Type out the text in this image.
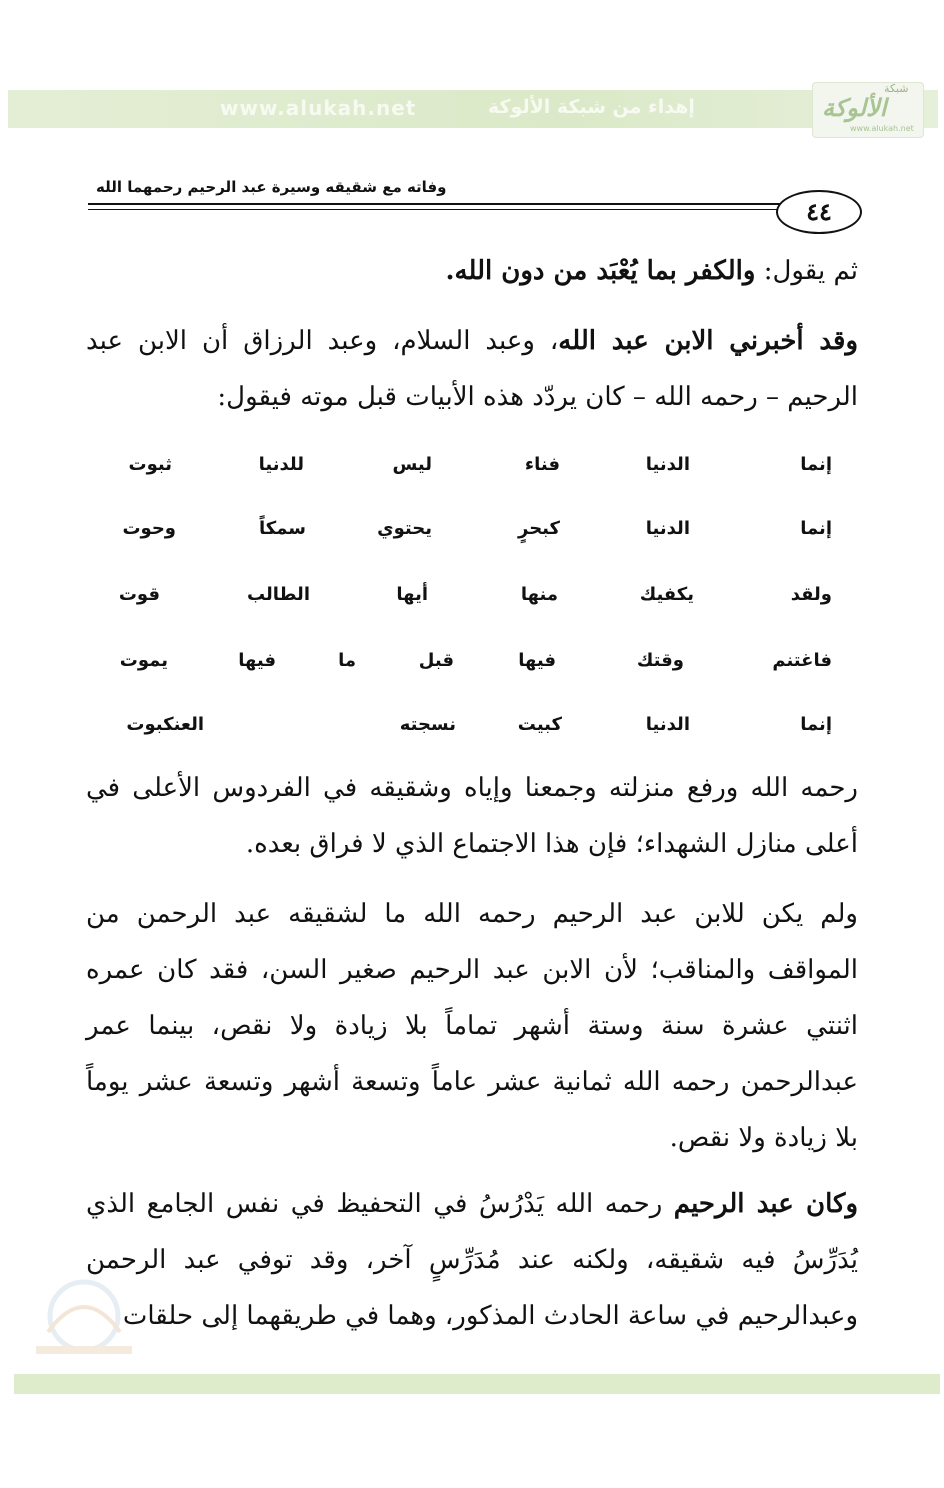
www.alukah.net	إهداء من شبكة الألوكة
شبكة
الألوكة
www.alukah.net
وفاته مع شقيقه وسيرة عبد الرحيم رحمهما الله
٤٤

ثم يقول: والكفر بما يُعْبَد من دون الله.

وقد أخبرني الابن عبد الله، وعبد السلام، وعبد الرزاق أن الابن عبد الرحيم – رحمه الله – كان يردّد هذه الأبيات قبل موته فيقول:

إنما
الدنيا
فناء
ليس
للدنيا
ثبوت
إنما
الدنيا
كبحرٍ
يحتوي
سمكاً
وحوت
ولقد
يكفيك
منها
أيها
الطالب
قوت
فاغتنم
وقتك
فيها
قبل
ما
فيها
يموت
إنما
الدنيا
كبيت
نسجته
العنكبوت

رحمه الله ورفع منزلته وجمعنا وإياه وشقيقه في الفردوس الأعلى في أعلى منازل الشهداء؛ فإن هذا الاجتماع الذي لا فراق بعده.

ولم يكن للابن عبد الرحيم رحمه الله ما لشقيقه عبد الرحمن من المواقف والمناقب؛ لأن الابن عبد الرحيم صغير السن، فقد كان عمره اثنتي عشرة سنة وستة أشهر تماماً بلا زيادة ولا نقص، بينما عمر عبدالرحمن رحمه الله ثمانية عشر عاماً وتسعة أشهر وتسعة عشر يوماً بلا زيادة ولا نقص.

وكان عبد الرحيم رحمه الله يَدْرُسُ في التحفيظ في نفس الجامع الذي يُدَرِّسُ فيه شقيقه، ولكنه عند مُدَرِّسٍ آخر، وقد توفي عبد الرحمن وعبدالرحيم في ساعة الحادث المذكور، وهما في طريقهما إلى حلقات
